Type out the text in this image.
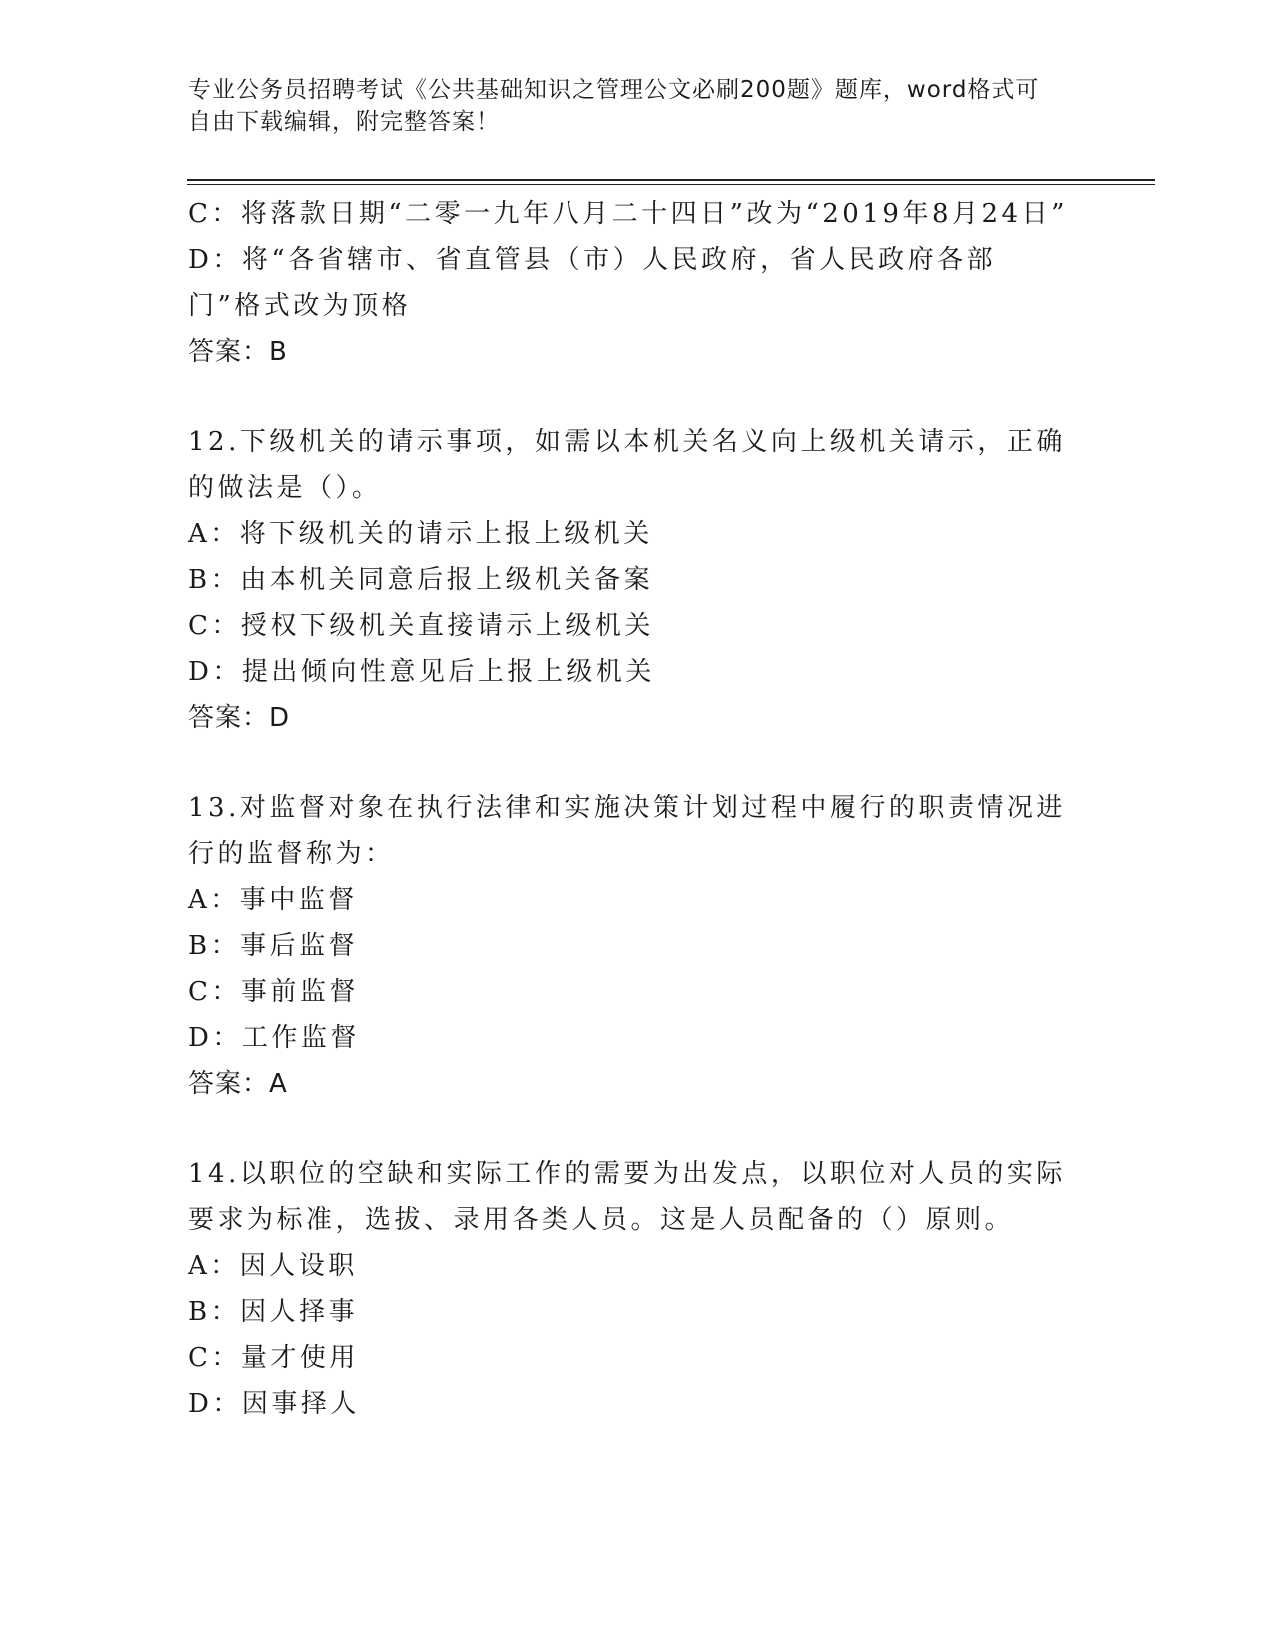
专业公务员招聘考试《公共基础知识之管理公文必刷200题》题库，word格式可
自由下载编辑，附完整答案！
C：将落款日期“二零一九年八月二十四日”改为“2019年8月24日”
D：将“各省辖市、省直管县（市）人民政府，省人民政府各部门”格式改为顶格
答案：B
12.下级机关的请示事项，如需以本机关名义向上级机关请示，正确的做法是（）。
A：将下级机关的请示上报上级机关
B：由本机关同意后报上级机关备案
C：授权下级机关直接请示上级机关
D：提出倾向性意见后上报上级机关
答案：D
13.对监督对象在执行法律和实施决策计划过程中履行的职责情况进行的监督称为：
A：事中监督
B：事后监督
C：事前监督
D：工作监督
答案：A
14.以职位的空缺和实际工作的需要为出发点，以职位对人员的实际要求为标准，选拔、录用各类人员。这是人员配备的（）原则。
A：因人设职
B：因人择事
C：量才使用
D：因事择人
